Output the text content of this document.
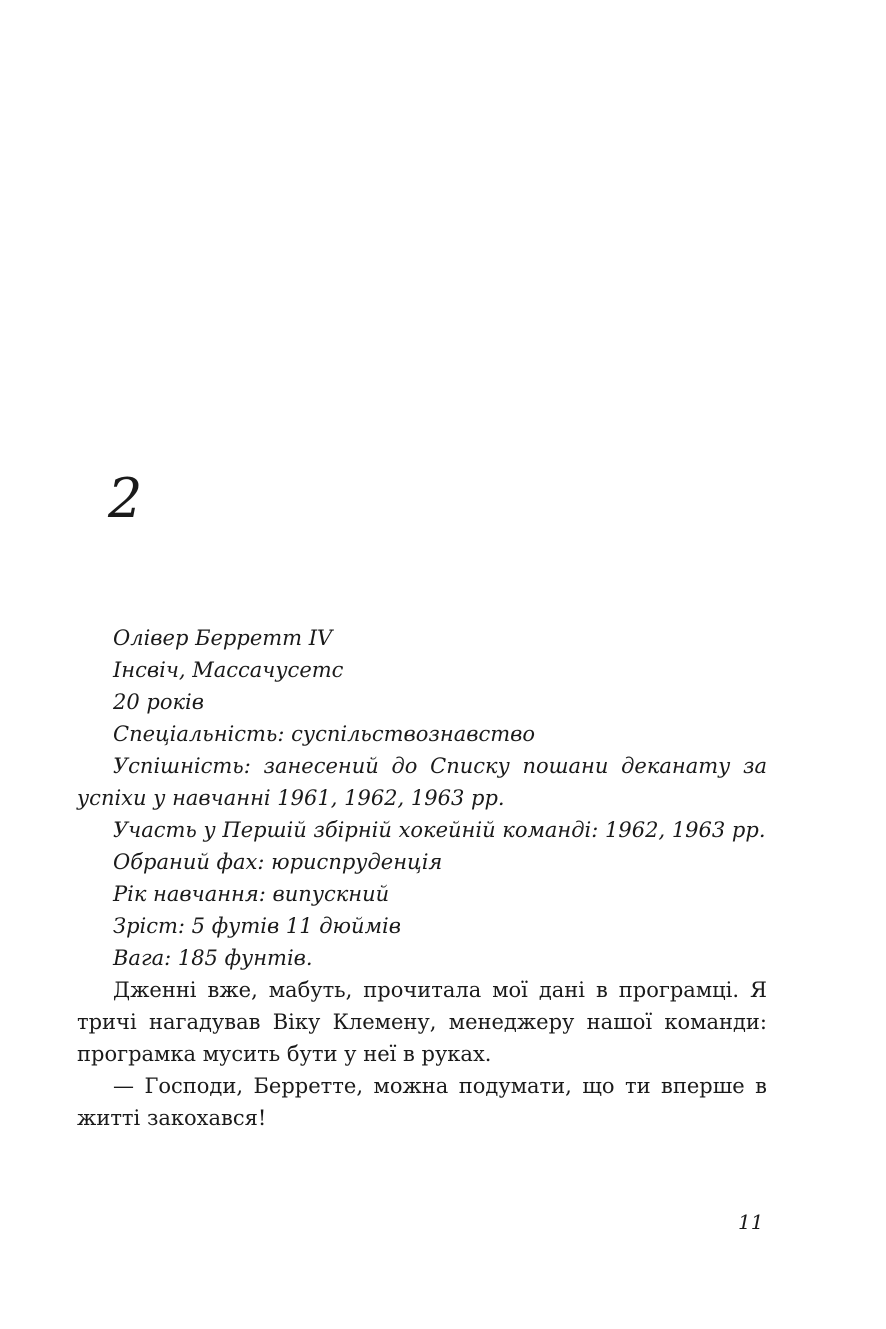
2

Олівер Берретт IV

Інсвіч, Массачусетс

20 років

Спеціальність: суспільствознавство

Успішність: занесений до Списку пошани деканату за успіхи у навчанні 1961, 1962, 1963 рр.

Участь у Першій збірній хокейній команді: 1962, 1963 рр.

Обраний фах: юриспруденція

Рік навчання: випускний

Зріст: 5 футів 11 дюймів

Вага: 185 фунтів.

Дженні вже, мабуть, прочитала мої дані в програмці. Я тричі нагадував Віку Клемену, менеджеру нашої команди: програмка мусить бути у неї в руках.

— Господи, Берретте, можна подумати, що ти вперше в житті закохався!

11
